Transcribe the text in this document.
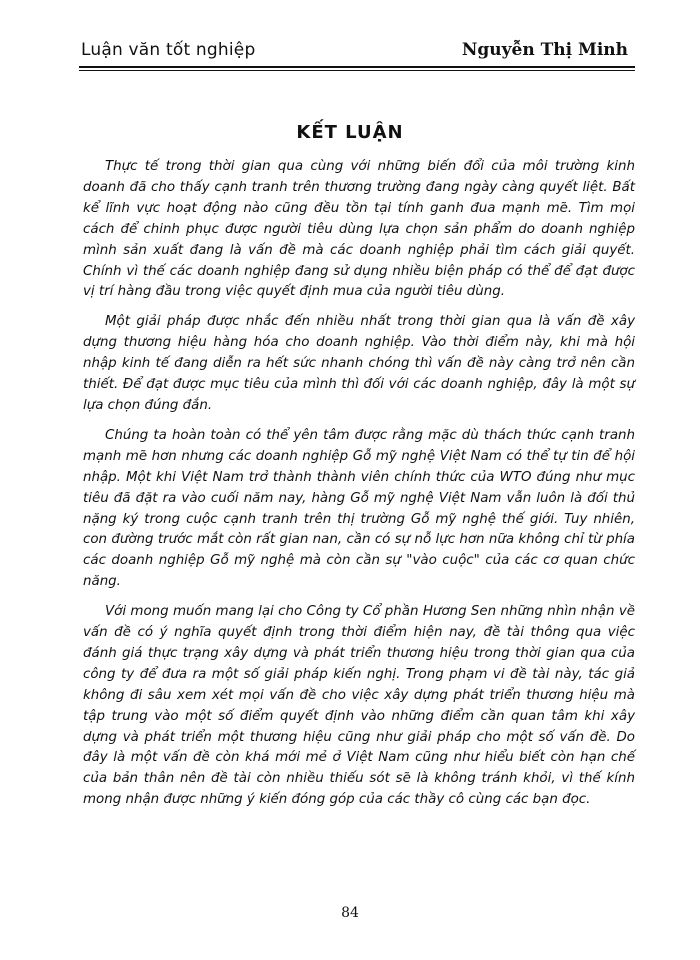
Luận văn tốt nghiệp	Nguyễn Thị Minh
KẾT LUẬN

Thực tế trong thời gian qua cùng với những biến đổi của môi trường kinh doanh đã cho thấy cạnh tranh trên thương trường đang ngày càng quyết liệt. Bất kể lĩnh vực hoạt động nào cũng đều tồn tại tính ganh đua mạnh mẽ. Tìm mọi cách để chinh phục được người tiêu dùng lựa chọn sản phẩm do doanh nghiệp mình sản xuất đang là vấn đề mà các doanh nghiệp phải tìm cách giải quyết. Chính vì thế các doanh nghiệp đang sử dụng nhiều biện pháp có thể để đạt được vị trí hàng đầu trong việc quyết định mua của người tiêu dùng.

Một giải pháp được nhắc đến nhiều nhất trong thời gian qua là vấn đề xây dựng thương hiệu hàng hóa cho doanh nghiệp. Vào thời điểm này, khi mà hội nhập kinh tế đang diễn ra hết sức nhanh chóng thì vấn đề này càng trở nên cần thiết. Để đạt được mục tiêu của mình thì đối với các doanh nghiệp, đây là một sự lựa chọn đúng đắn.

Chúng ta hoàn toàn có thể yên tâm được rằng mặc dù thách thức cạnh tranh mạnh mẽ hơn nhưng các doanh nghiệp Gỗ mỹ nghệ Việt Nam có thể tự tin để hội nhập. Một khi Việt Nam trở thành thành viên chính thức của WTO đúng như mục tiêu đã đặt ra vào cuối năm nay, hàng Gỗ mỹ nghệ Việt Nam vẫn luôn là đối thủ nặng ký trong cuộc cạnh tranh trên thị trường Gỗ mỹ nghệ thế giới. Tuy nhiên, con đường trước mắt còn rất gian nan, cần có sự nỗ lực hơn nữa không chỉ từ phía các doanh nghiệp Gỗ mỹ nghệ mà còn cần sự "vào cuộc" của các cơ quan chức năng.

Với mong muốn mang lại cho Công ty Cổ phần Hương Sen những nhìn nhận về vấn đề có ý nghĩa quyết định trong thời điểm hiện nay, đề tài thông qua việc đánh giá thực trạng xây dựng và phát triển thương hiệu trong thời gian qua của công ty để đưa ra một số giải pháp kiến nghị. Trong phạm vi đề tài này, tác giả không đi sâu xem xét mọi vấn đề cho việc xây dựng phát triển thương hiệu mà tập trung vào một số điểm quyết định vào những điểm cần quan tâm khi xây dựng và phát triển một thương hiệu cũng như giải pháp cho một số vấn đề. Do đây là một vấn đề còn khá mới mẻ ở Việt Nam cũng như hiểu biết còn hạn chế của bản thân nên đề tài còn nhiều thiếu sót sẽ là không tránh khỏi, vì thế kính mong nhận được những ý kiến đóng góp của các thầy cô cùng các bạn đọc.

84
